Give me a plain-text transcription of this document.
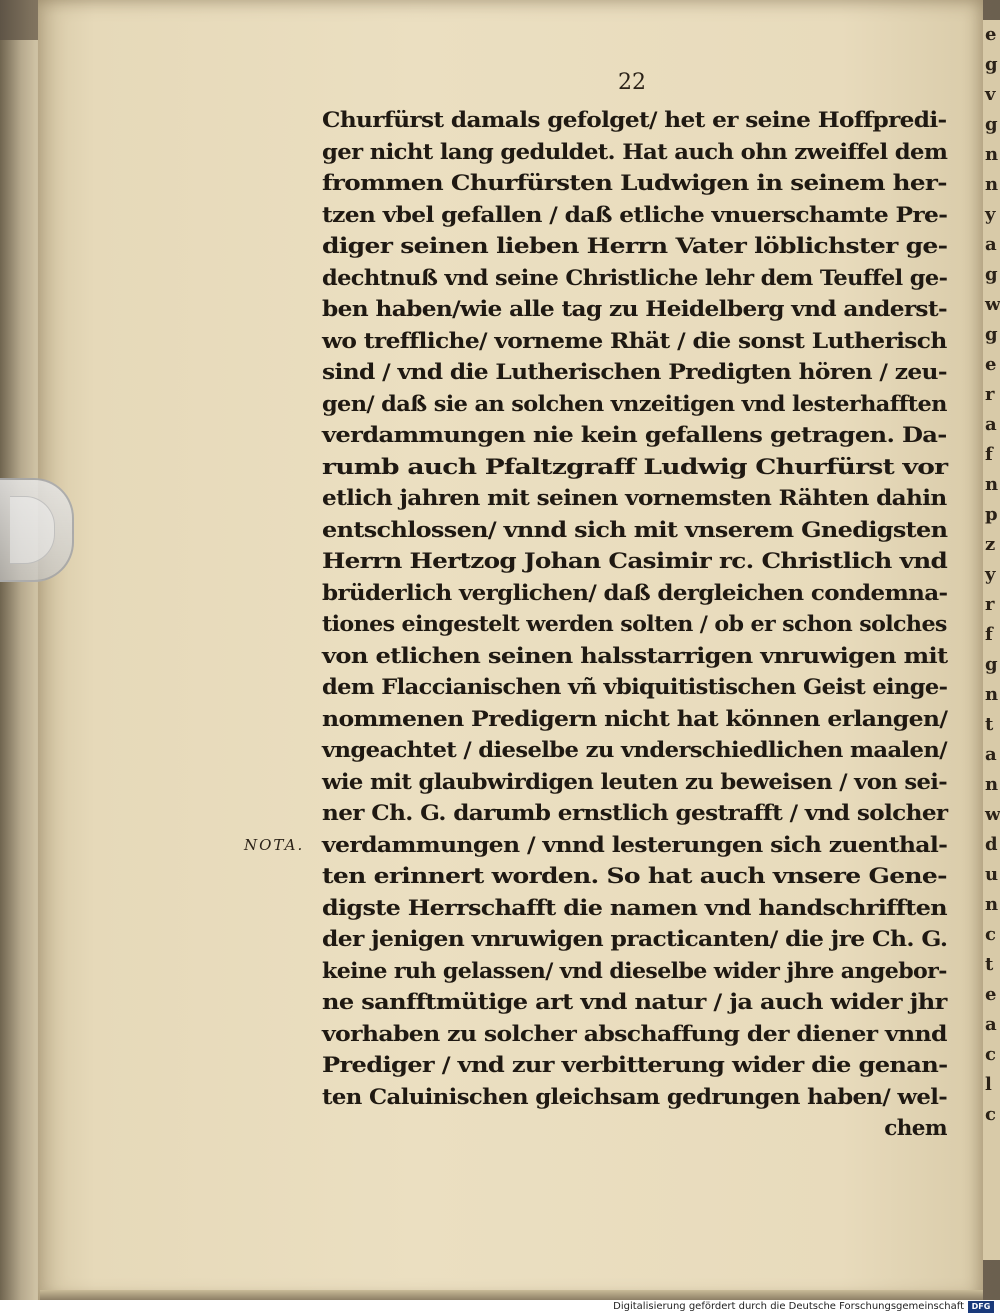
e
g
v
g
n
n
y
a
g
w
g
e
r
a
f
n
p
z
y
r
f
g
n
t
a
n
w
d
u
n
c
t
e
a
c
l
c
22
NOTA.
Churfürst damals gefolget/ het er seine Hoffpredi-
ger nicht lang geduldet. Hat auch ohn zweiffel dem
frommen Churfürsten Ludwigen in seinem her-
tzen vbel gefallen / daß etliche vnuerschamte Pre-
diger seinen lieben Herrn Vater löblichster ge-
dechtnuß vnd seine Christliche lehr dem Teuffel ge-
ben haben/wie alle tag zu Heidelberg vnd anderst-
wo treffliche/ vorneme Rhät / die sonst Lutherisch
sind / vnd die Lutherischen Predigten hören / zeu-
gen/ daß sie an solchen vnzeitigen vnd lesterhafften
verdammungen nie kein gefallens getragen. Da-
rumb auch Pfaltzgraff Ludwig Churfürst vor
etlich jahren mit seinen vornemsten Rähten dahin
entschlossen/ vnnd sich mit vnserem Gnedigsten
Herrn Hertzog Johan Casimir rc. Christlich vnd
brüderlich verglichen/ daß dergleichen condemna-
tiones eingestelt werden solten / ob er schon solches
von etlichen seinen halsstarrigen vnruwigen mit
dem Flaccianischen vñ vbiquitistischen Geist einge-
nommenen Predigern nicht hat können erlangen/
vngeachtet / dieselbe zu vnderschiedlichen maalen/
wie mit glaubwirdigen leuten zu beweisen / von sei-
ner Ch. G. darumb ernstlich gestrafft / vnd solcher
verdammungen / vnnd lesterungen sich zuenthal-
ten erinnert worden. So hat auch vnsere Gene-
digste Herrschafft die namen vnd handschrifften
der jenigen vnruwigen practicanten/ die jre Ch. G.
keine ruh gelassen/ vnd dieselbe wider jhre angebor-
ne sanfftmütige art vnd natur / ja auch wider jhr
vorhaben zu solcher abschaffung der diener vnnd
Prediger / vnd zur verbitterung wider die genan-
ten Caluinischen gleichsam gedrungen haben/ wel-
chem
Digitalisierung gefördert durch die Deutsche Forschungsgemeinschaft DFG
